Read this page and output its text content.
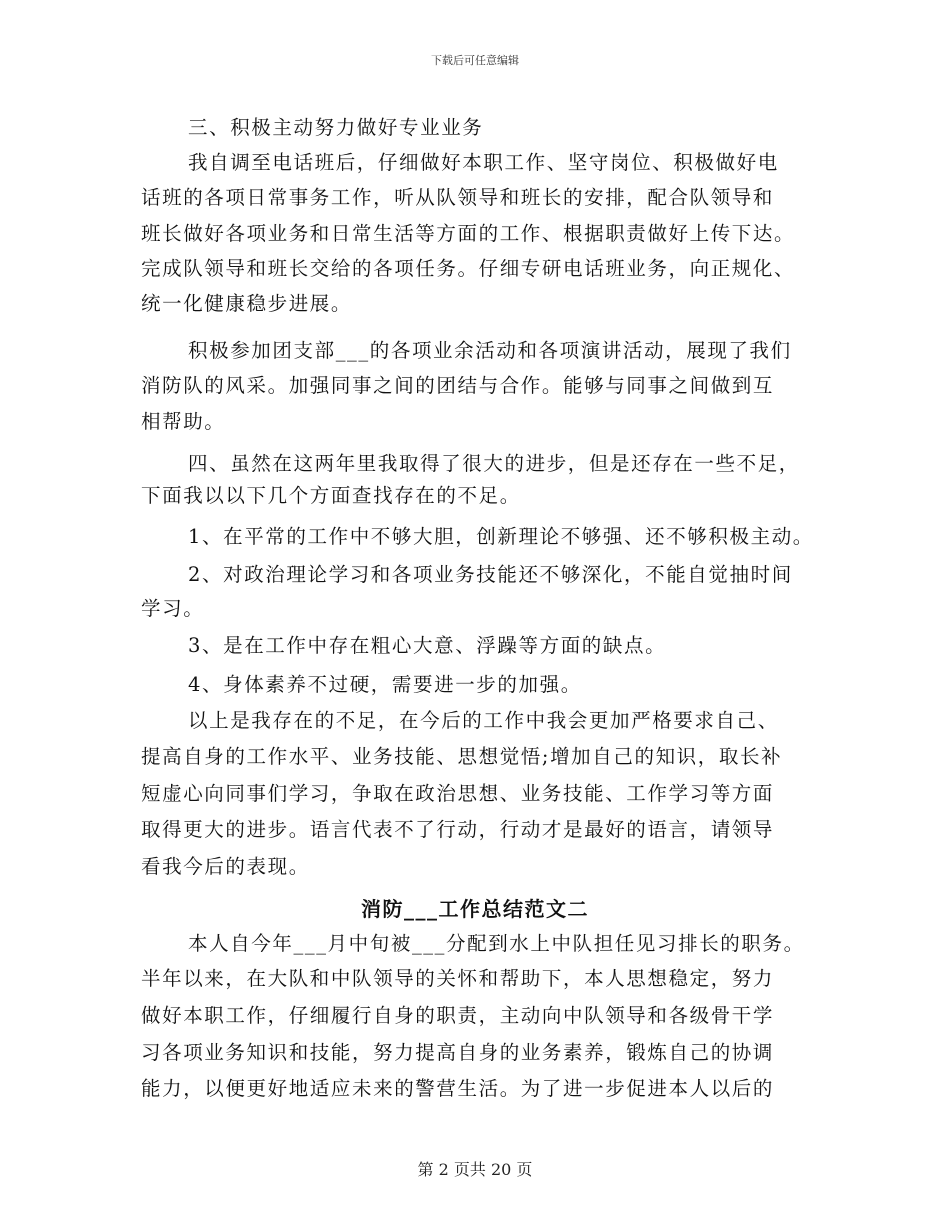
下载后可任意编辑
三、积极主动努力做好专业业务
我自调至电话班后，仔细做好本职工作、坚守岗位、积极做好电
话班的各项日常事务工作，听从队领导和班长的安排，配合队领导和
班长做好各项业务和日常生活等方面的工作、根据职责做好上传下达。
完成队领导和班长交给的各项任务。仔细专研电话班业务，向正规化、
统一化健康稳步进展。
积极参加团支部___的各项业余活动和各项演讲活动，展现了我们
消防队的风采。加强同事之间的团结与合作。能够与同事之间做到互
相帮助。
四、虽然在这两年里我取得了很大的进步，但是还存在一些不足，
下面我以以下几个方面查找存在的不足。
1、在平常的工作中不够大胆，创新理论不够强、还不够积极主动。
2、对政治理论学习和各项业务技能还不够深化，不能自觉抽时间
学习。
3、是在工作中存在粗心大意、浮躁等方面的缺点。
4、身体素养不过硬，需要进一步的加强。
以上是我存在的不足，在今后的工作中我会更加严格要求自己、
提高自身的工作水平、业务技能、思想觉悟;增加自己的知识，取长补
短虚心向同事们学习，争取在政治思想、业务技能、工作学习等方面
取得更大的进步。语言代表不了行动，行动才是最好的语言，请领导
看我今后的表现。
消防___工作总结范文二
本人自今年___月中旬被___分配到水上中队担任见习排长的职务。
半年以来，在大队和中队领导的关怀和帮助下，本人思想稳定，努力
做好本职工作，仔细履行自身的职责，主动向中队领导和各级骨干学
习各项业务知识和技能，努力提高自身的业务素养，锻炼自己的协调
能力，以便更好地适应未来的警营生活。为了进一步促进本人以后的
第 2 页共 20 页
